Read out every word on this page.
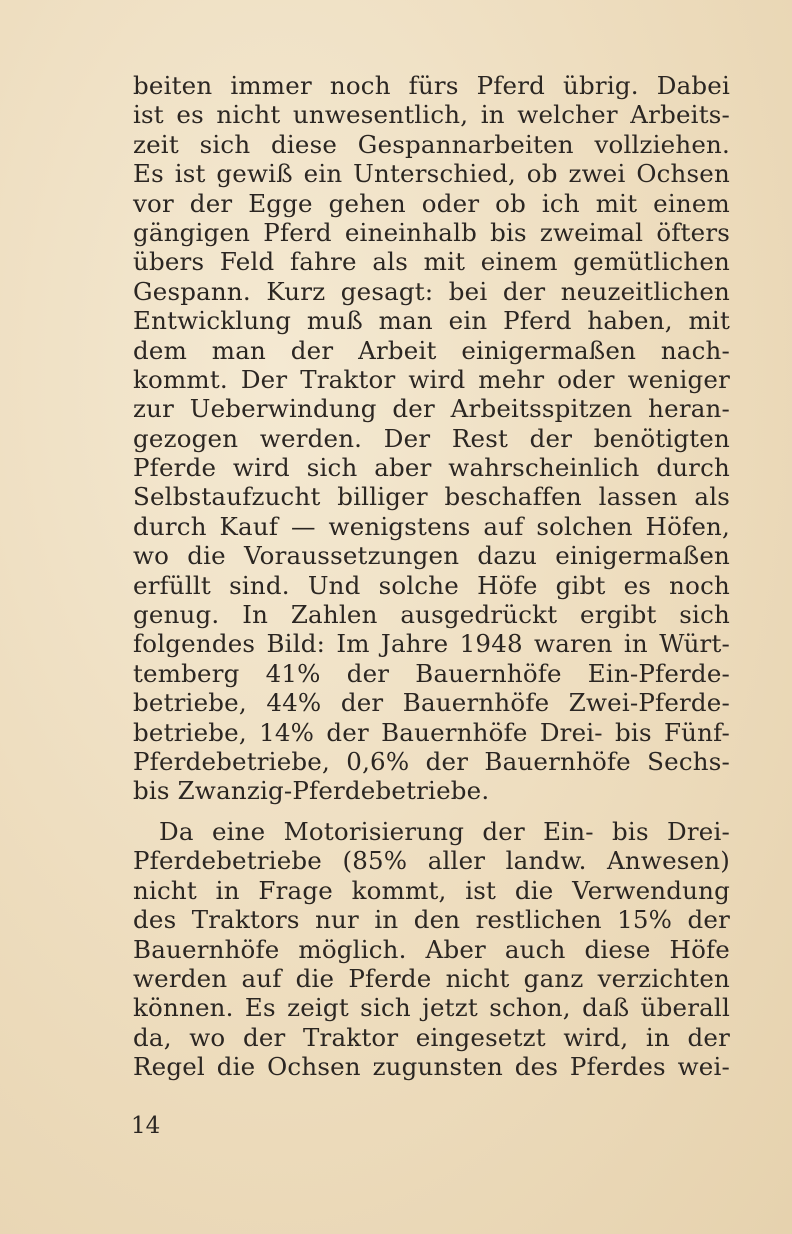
beiten immer noch fürs Pferd übrig. Dabei
ist es nicht unwesentlich, in welcher Arbeits-
zeit sich diese Gespannarbeiten vollziehen.
Es ist gewiß ein Unterschied, ob zwei Ochsen
vor der Egge gehen oder ob ich mit einem
gängigen Pferd eineinhalb bis zweimal öfters
übers Feld fahre als mit einem gemütlichen
Gespann. Kurz gesagt: bei der neuzeitlichen
Entwicklung muß man ein Pferd haben, mit
dem man der Arbeit einigermaßen nach-
kommt. Der Traktor wird mehr oder weniger
zur Ueberwindung der Arbeitsspitzen heran-
gezogen werden. Der Rest der benötigten
Pferde wird sich aber wahrscheinlich durch
Selbstaufzucht billiger beschaffen lassen als
durch Kauf — wenigstens auf solchen Höfen,
wo die Voraussetzungen dazu einigermaßen
erfüllt sind. Und solche Höfe gibt es noch
genug. In Zahlen ausgedrückt ergibt sich
folgendes Bild: Im Jahre 1948 waren in Würt-
temberg 41% der Bauernhöfe Ein-Pferde-
betriebe, 44% der Bauernhöfe Zwei-Pferde-
betriebe, 14% der Bauernhöfe Drei- bis Fünf-
Pferdebetriebe, 0,6% der Bauernhöfe Sechs-
bis Zwanzig-Pferdebetriebe.
Da eine Motorisierung der Ein- bis Drei-
Pferdebetriebe (85% aller landw. Anwesen)
nicht in Frage kommt, ist die Verwendung
des Traktors nur in den restlichen 15% der
Bauernhöfe möglich. Aber auch diese Höfe
werden auf die Pferde nicht ganz verzichten
können. Es zeigt sich jetzt schon, daß überall
da, wo der Traktor eingesetzt wird, in der
Regel die Ochsen zugunsten des Pferdes wei-
14
